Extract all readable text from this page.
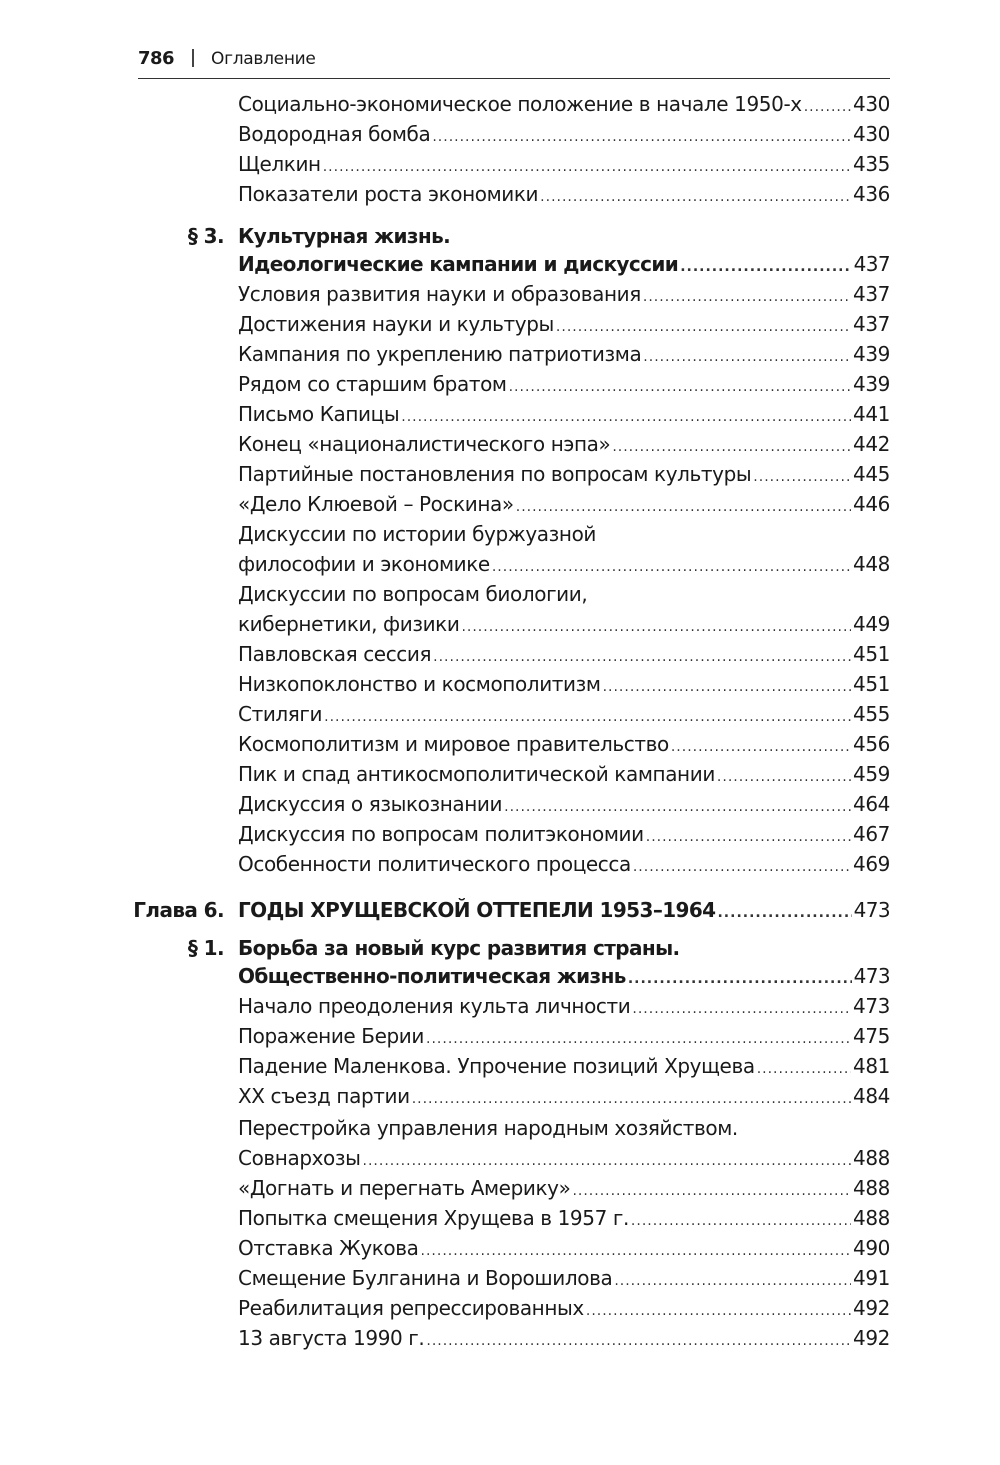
786 Оглавление
Социально-экономическое положение в начале 1950-х .....	430
Водородная бомба .....	430
Щелкин .....	435
Показатели роста экономики .....	436
§ 3. Культурная жизнь.
Идеологические кампании и дискуссии .....	437
Условия развития науки и образования .....	437
Достижения науки и культуры .....	437
Кампания по укреплению патриотизма .....	439
Рядом со старшим братом .....	439
Письмо Капицы .....	441
Конец «националистического нэпа» .....	442
Партийные постановления по вопросам культуры .....	445
«Дело Клюевой – Роскина» .....	446
Дискуссии по истории буржуазной
философии и экономике .....	448
Дискуссии по вопросам биологии,
кибернетики, физики .....	449
Павловская сессия .....	451
Низкопоклонство и космополитизм .....	451
Стиляги .....	455
Космополитизм и мировое правительство .....	456
Пик и спад антикосмополитической кампании .....	459
Дискуссия о языкознании .....	464
Дискуссия по вопросам политэкономии .....	467
Особенности политического процесса .....	469
Глава 6. ГОДЫ ХРУЩЕВСКОЙ ОТТЕПЕЛИ 1953–1964 .....	473
§ 1. Борьба за новый курс развития страны.
Общественно-политическая жизнь .....	473
Начало преодоления культа личности .....	473
Поражение Берии .....	475
Падение Маленкова. Упрочение позиций Хрущева .....	481
XX съезд партии .....	484
Перестройка управления народным хозяйством.
Совнархозы .....	488
«Догнать и перегнать Америку» .....	488
Попытка смещения Хрущева в 1957 г. .....	488
Отставка Жукова .....	490
Смещение Булганина и Ворошилова .....	491
Реабилитация репрессированных .....	492
13 августа 1990 г. .....	492
